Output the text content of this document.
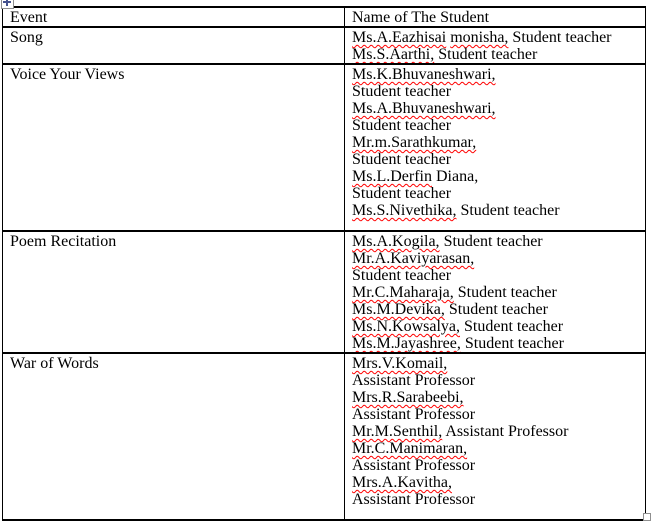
Event	Name of The Student

Song	Ms.A.Eazhisai monisha, Student teacher
Ms.S.Aarthi, Student teacher

Voice Your Views	Ms.K.Bhuvaneshwari,
Student teacher
Ms.A.Bhuvaneshwari,
Student teacher
Mr.m.Sarathkumar,
Student teacher
Ms.L.Derfin Diana,
Student teacher
Ms.S.Nivethika, Student teacher

Poem Recitation	Ms.A.Kogila, Student teacher
Mr.A.Kaviyarasan,
Student teacher
Mr.C.Maharaja, Student teacher
Ms.M.Devika, Student teacher
Ms.N.Kowsalya, Student teacher
Ms.M.Jayashree, Student teacher

War of Words	Mrs.V.Komail,
Assistant Professor
Mrs.R.Sarabeebi,
Assistant Professor
Mr.M.Senthil, Assistant Professor
Mr.C.Manimaran,
Assistant Professor
Mrs.A.Kavitha,
Assistant Professor
